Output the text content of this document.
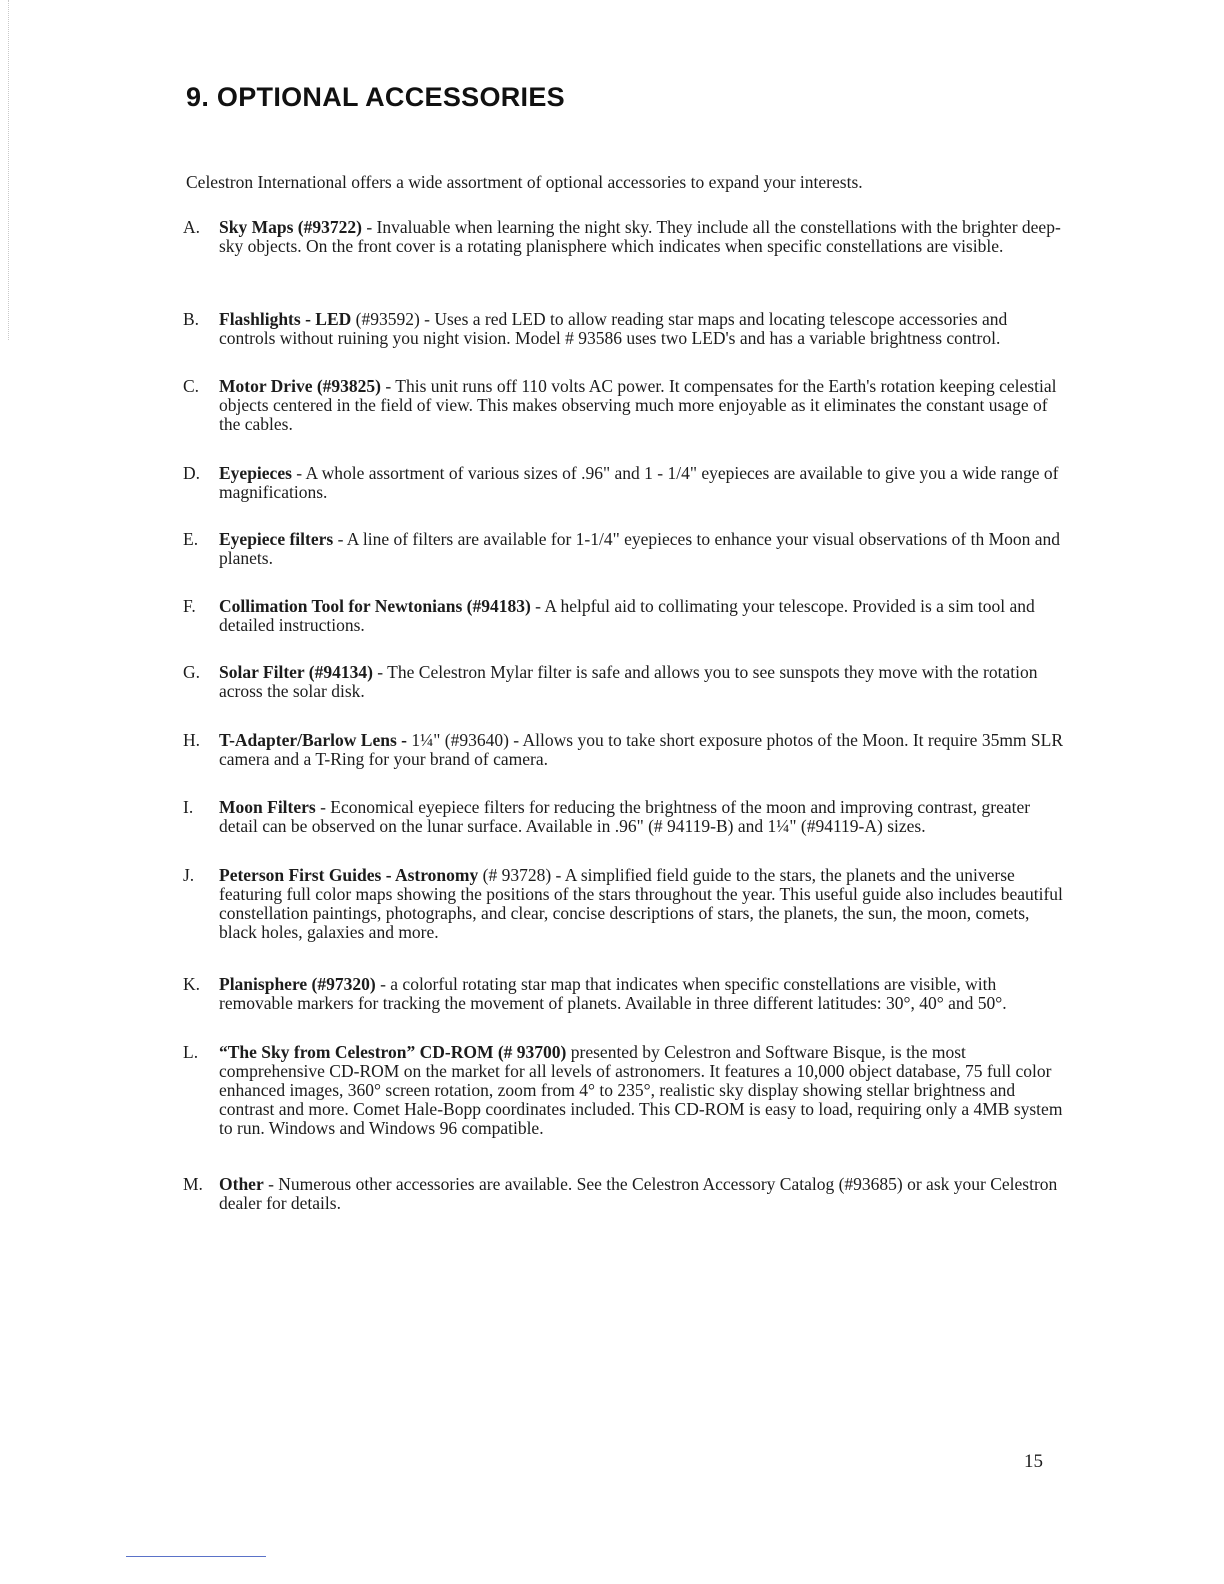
9. OPTIONAL ACCESSORIES

Celestron International offers a wide assortment of optional accessories to expand your interests.

A.	Sky Maps (#93722) - Invaluable when learning the night sky. They include all the constellations with the brighter deep-sky objects. On the front cover is a rotating planisphere which indicates when specific constellations are visible.
B.	Flashlights - LED (#93592) - Uses a red LED to allow reading star maps and locating telescope accessories and controls without ruining you night vision. Model # 93586 uses two LED's and has a variable brightness control.
C.	Motor Drive (#93825) - This unit runs off 110 volts AC power. It compensates for the Earth's rotation keeping celestial objects centered in the field of view. This makes observing much more enjoyable as it eliminates the constant usage of the cables.
D.	Eyepieces - A whole assortment of various sizes of .96" and 1 - 1/4" eyepieces are available to give you a wide range of magnifications.
E.	Eyepiece filters - A line of filters are available for 1-1/4" eyepieces to enhance your visual observations of th Moon and planets.
F.	Collimation Tool for Newtonians (#94183) - A helpful aid to collimating your telescope. Provided is a sim tool and detailed instructions.
G.	Solar Filter (#94134) - The Celestron Mylar filter is safe and allows you to see sunspots they move with the rotation across the solar disk.
H.	T-Adapter/Barlow Lens - 1¼" (#93640) - Allows you to take short exposure photos of the Moon. It require 35mm SLR camera and a T-Ring for your brand of camera.
I.	Moon Filters - Economical eyepiece filters for reducing the brightness of the moon and improving contrast, greater detail can be observed on the lunar surface. Available in .96" (# 94119-B) and 1¼" (#94119-A) sizes.
J.	Peterson First Guides - Astronomy (# 93728) - A simplified field guide to the stars, the planets and the universe featuring full color maps showing the positions of the stars throughout the year. This useful guide also includes beautiful constellation paintings, photographs, and clear, concise descriptions of stars, the planets, the sun, the moon, comets, black holes, galaxies and more.
K.	Planisphere (#97320) - a colorful rotating star map that indicates when specific constellations are visible, with removable markers for tracking the movement of planets. Available in three different latitudes: 30°, 40° and 50°.
L.	“The Sky from Celestron” CD-ROM (# 93700) presented by Celestron and Software Bisque, is the most comprehensive CD-ROM on the market for all levels of astronomers. It features a 10,000 object database, 75 full color enhanced images, 360° screen rotation, zoom from 4° to 235°, realistic sky display showing stellar brightness and contrast and more. Comet Hale-Bopp coordinates included. This CD-ROM is easy to load, requiring only a 4MB system to run. Windows and Windows 96 compatible.
M. Other - Numerous other accessories are available. See the Celestron Accessory Catalog (#93685) or ask your Celestron dealer for details.
15
